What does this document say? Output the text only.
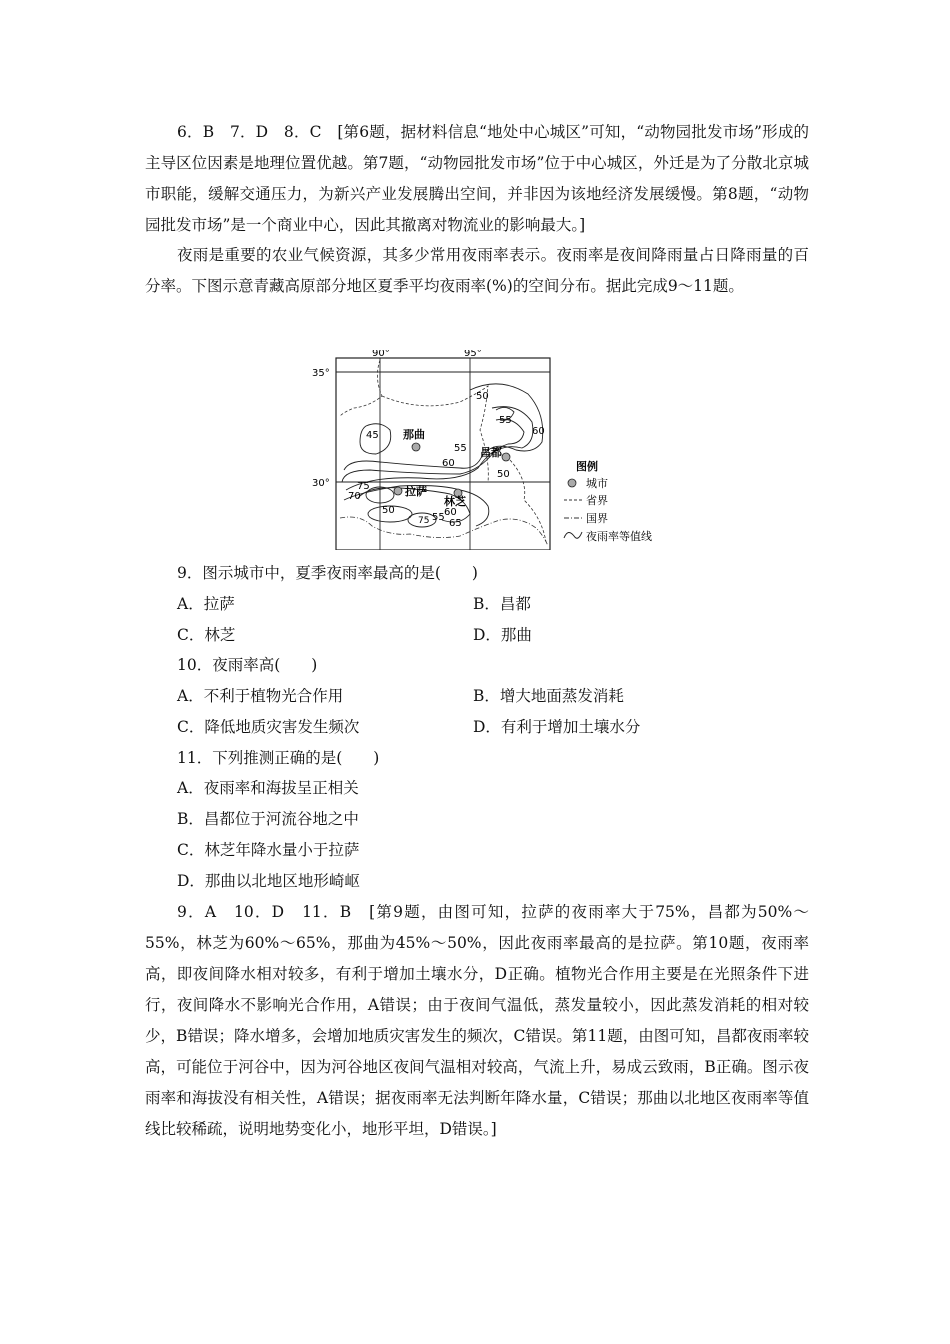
6．B　7．D　8．C　[第6题，据材料信息“地处中心城区”可知，“动物园批发市场”形成的主导区位因素是地理位置优越。第7题，“动物园批发市场”位于中心城区，外迁是为了分散北京城市职能，缓解交通压力，为新兴产业发展腾出空间，并非因为该地经济发展缓慢。第8题，“动物园批发市场”是一个商业中心，因此其撤离对物流业的影响最大。]

夜雨是重要的农业气候资源，其多少常用夜雨率表示。夜雨率是夜间降雨量占日降雨量的百分率。下图示意青藏高原部分地区夏季平均夜雨率(%)的空间分布。据此完成9～11题。

90°	95°
35°
30°
50
55
60
45
55
60
50
75
70
60
50
55
65
75
那曲
昌都
拉萨
林芝
图例
城市
省界
国界
夜雨率等值线

9．图示城市中，夏季夜雨率最高的是(　　)

A．拉萨	B．昌都

C．林芝	D．那曲

10．夜雨率高(　　)

A．不利于植物光合作用	B．增大地面蒸发消耗

C．降低地质灾害发生频次	D．有利于增加土壤水分

11．下列推测正确的是(　　)

A．夜雨率和海拔呈正相关

B．昌都位于河流谷地之中

C．林芝年降水量小于拉萨

D．那曲以北地区地形崎岖

9．A　10．D　11．B　[第9题，由图可知，拉萨的夜雨率大于75%，昌都为50%～55%，林芝为60%～65%，那曲为45%～50%，因此夜雨率最高的是拉萨。第10题，夜雨率高，即夜间降水相对较多，有利于增加土壤水分，D正确。植物光合作用主要是在光照条件下进行，夜间降水不影响光合作用，A错误；由于夜间气温低，蒸发量较小，因此蒸发消耗的相对较少，B错误；降水增多，会增加地质灾害发生的频次，C错误。第11题，由图可知，昌都夜雨率较高，可能位于河谷中，因为河谷地区夜间气温相对较高，气流上升，易成云致雨，B正确。图示夜雨率和海拔没有相关性，A错误；据夜雨率无法判断年降水量，C错误；那曲以北地区夜雨率等值线比较稀疏，说明地势变化小，地形平坦，D错误。]
